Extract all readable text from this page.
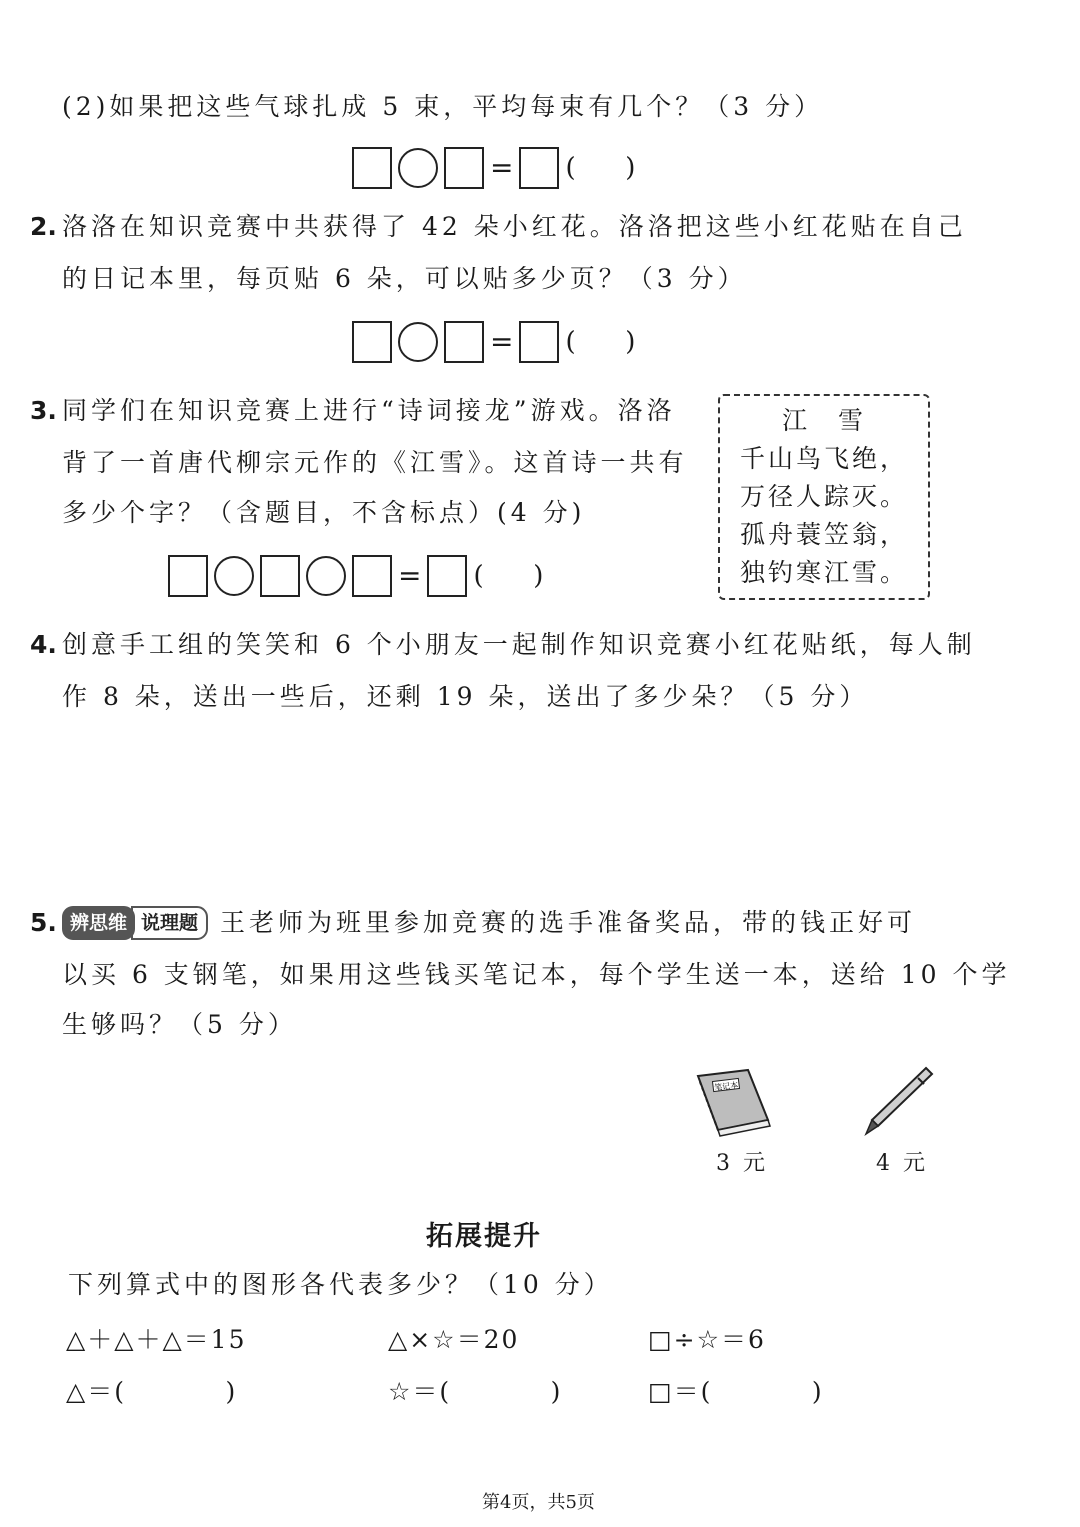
(2)如果把这些气球扎成 5 束，平均每束有几个？（3 分）
= (      )
2. 洛洛在知识竞赛中共获得了 42 朵小红花。洛洛把这些小红花贴在自己
的日记本里，每页贴 6 朵，可以贴多少页？（3 分）
= (      )
3. 同学们在知识竞赛上进行“诗词接龙”游戏。洛洛
背了一首唐代柳宗元作的《江雪》。这首诗一共有
多少个字？（含题目，不含标点）(4 分)
= (      )
江　雪
千山鸟飞绝，
万径人踪灭。
孤舟蓑笠翁，
独钓寒江雪。
4. 创意手工组的笑笑和 6 个小朋友一起制作知识竞赛小红花贴纸，每人制
作 8 朵，送出一些后，还剩 19 朵，送出了多少朵？（5 分）
5. 辨思维 说理题 王老师为班里参加竞赛的选手准备奖品，带的钱正好可
以买 6 支钢笔，如果用这些钱买笔记本，每个学生送一本，送给 10 个学
生够吗？（5 分）
笔记本
3 元	4 元
拓展提升
下列算式中的图形各代表多少？（10 分）
△＋△＋△＝15	△×☆＝20	□÷☆＝6
△＝(          )	☆＝(          )	□＝(          )
第4页，共5页
